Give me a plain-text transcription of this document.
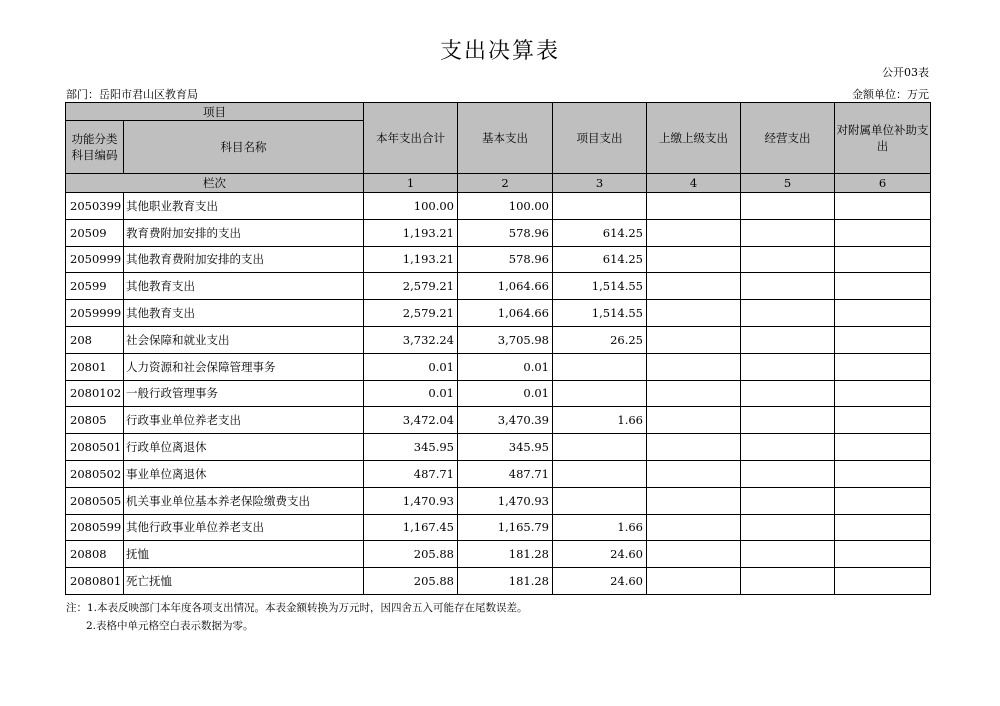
支出决算表
公开03表
部门：岳阳市君山区教育局	金额单位：万元
项目		本年支出合计	基本支出	项目支出	上缴上级支出	经营支出	对附属单位补助支出
功能分类科目编码	科目名称						
栏次		1	2	3	4	5	6
2050399	其他职业教育支出	100.00	100.00				
20509	教育费附加安排的支出	1,193.21	578.96	614.25			
2050999	其他教育费附加安排的支出	1,193.21	578.96	614.25			
20599	其他教育支出	2,579.21	1,064.66	1,514.55			
2059999	其他教育支出	2,579.21	1,064.66	1,514.55			
208	社会保障和就业支出	3,732.24	3,705.98	26.25			
20801	人力资源和社会保障管理事务	0.01	0.01				
2080102	一般行政管理事务	0.01	0.01				
20805	行政事业单位养老支出	3,472.04	3,470.39	1.66			
2080501	行政单位离退休	345.95	345.95				
2080502	事业单位离退休	487.71	487.71				
2080505	机关事业单位基本养老保险缴费支出	1,470.93	1,470.93				
2080599	其他行政事业单位养老支出	1,167.45	1,165.79	1.66			
20808	抚恤	205.88	181.28	24.60			
2080801	死亡抚恤	205.88	181.28	24.60			
注：1.本表反映部门本年度各项支出情况。本表金额转换为万元时，因四舍五入可能存在尾数误差。
2.表格中单元格空白表示数据为零。
